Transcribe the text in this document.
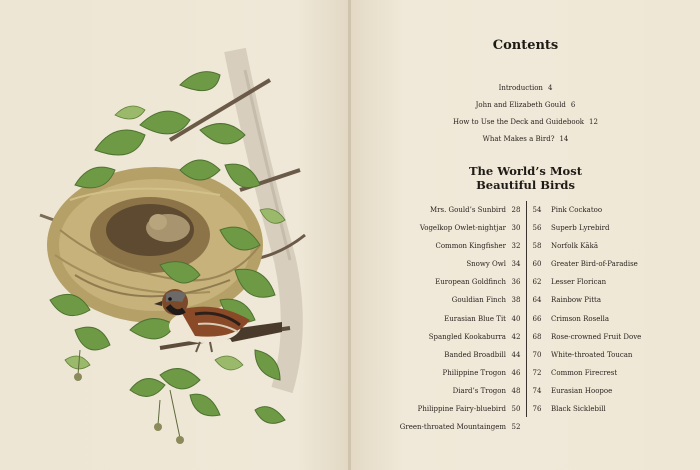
Contents
Introduction 4
John and Elizabeth Gould 6
How to Use the Deck and Guidebook 12
What Makes a Bird? 14
The World’s Most
Beautiful Birds
Mrs. Gould’s Sunbird 28
Vogelkop Owlet-nightjar 30
Common Kingfisher 32
Snowy Owl 34
European Goldfinch 36
Gouldian Finch 38
Eurasian Blue Tit 40
Spangled Kookaburra 42
Banded Broadbill 44
Philippine Trogon 46
Diard’s Trogon 48
Philippine Fairy-bluebird 50
Green-throated Mountaingem 52
54 Pink Cockatoo
56 Superb Lyrebird
58 Norfolk Kākā
60 Greater Bird-of-Paradise
62 Lesser Florican
64 Rainbow Pitta
66 Crimson Rosella
68 Rose-crowned Fruit Dove
70 White-throated Toucan
72 Common Firecrest
74 Eurasian Hoopoe
76 Black Sicklebill
